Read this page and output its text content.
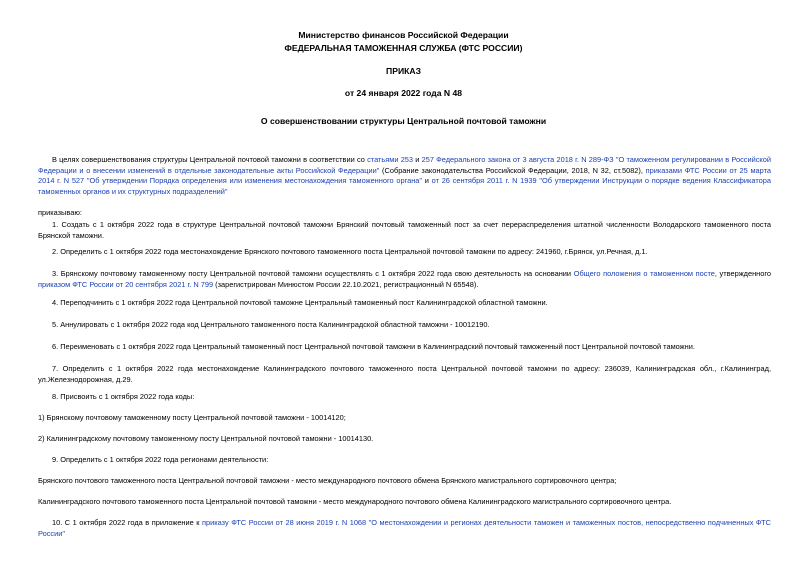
Министерство финансов Российской Федерации
ФЕДЕРАЛЬНАЯ ТАМОЖЕННАЯ СЛУЖБА (ФТС РОССИИ)
ПРИКАЗ
от 24 января 2022 года N 48
О совершенствовании структуры Центральной почтовой таможни
В целях совершенствования структуры Центральной почтовой таможни в соответствии со статьями 253 и 257 Федерального закона от 3 августа 2018 г. N 289-ФЗ "О таможенном регулировании в Российской Федерации и о внесении изменений в отдельные законодательные акты Российской Федерации" (Собрание законодательства Российской Федерации, 2018, N 32, ст.5082), приказами ФТС России от 25 марта 2014 г. N 527 "Об утверждении Порядка определения или изменения местонахождения таможенного органа" и от 26 сентября 2011 г. N 1939 "Об утверждении Инструкции о порядке ведения Классификатора таможенных органов и их структурных подразделений"
приказываю:
1. Создать с 1 октября 2022 года в структуре Центральной почтовой таможни Брянский почтовый таможенный пост за счет перераспределения штатной численности Володарского таможенного поста Брянской таможни.
2. Определить с 1 октября 2022 года местонахождение Брянского почтового таможенного поста Центральной почтовой таможни по адресу: 241960, г.Брянск, ул.Речная, д.1.
3. Брянскому почтовому таможенному посту Центральной почтовой таможни осуществлять с 1 октября 2022 года свою деятельность на основании Общего положения о таможенном посте, утвержденного приказом ФТС России от 20 сентября 2021 г. N 799 (зарегистрирован Минюстом России 22.10.2021, регистрационный N 65548).
4. Переподчинить с 1 октября 2022 года Центральной почтовой таможне Центральный таможенный пост Калининградской областной таможни.
5. Аннулировать с 1 октября 2022 года код Центрального таможенного поста Калининградской областной таможни - 10012190.
6. Переименовать с 1 октября 2022 года Центральный таможенный пост Центральной почтовой таможни в Калининградский почтовый таможенный пост Центральной почтовой таможни.
7. Определить с 1 октября 2022 года местонахождение Калининградского почтового таможенного поста Центральной почтовой таможни по адресу: 236039, Калининградская обл., г.Калининград, ул.Железнодорожная, д.29.
8. Присвоить с 1 октября 2022 года коды:
1) Брянскому почтовому таможенному посту Центральной почтовой таможни - 10014120;
2) Калининградскому почтовому таможенному посту Центральной почтовой таможни - 10014130.
9. Определить с 1 октября 2022 года регионами деятельности:
Брянского почтового таможенного поста Центральной почтовой таможни - место международного почтового обмена Брянского магистрального сортировочного центра;
Калининградского почтового таможенного поста Центральной почтовой таможни - место международного почтового обмена Калининградского магистрального сортировочного центра.
10. С 1 октября 2022 года в приложение к приказу ФТС России от 28 июня 2019 г. N 1068 "О местонахождении и регионах деятельности таможен и таможенных постов, непосредственно подчиненных ФТС России"
